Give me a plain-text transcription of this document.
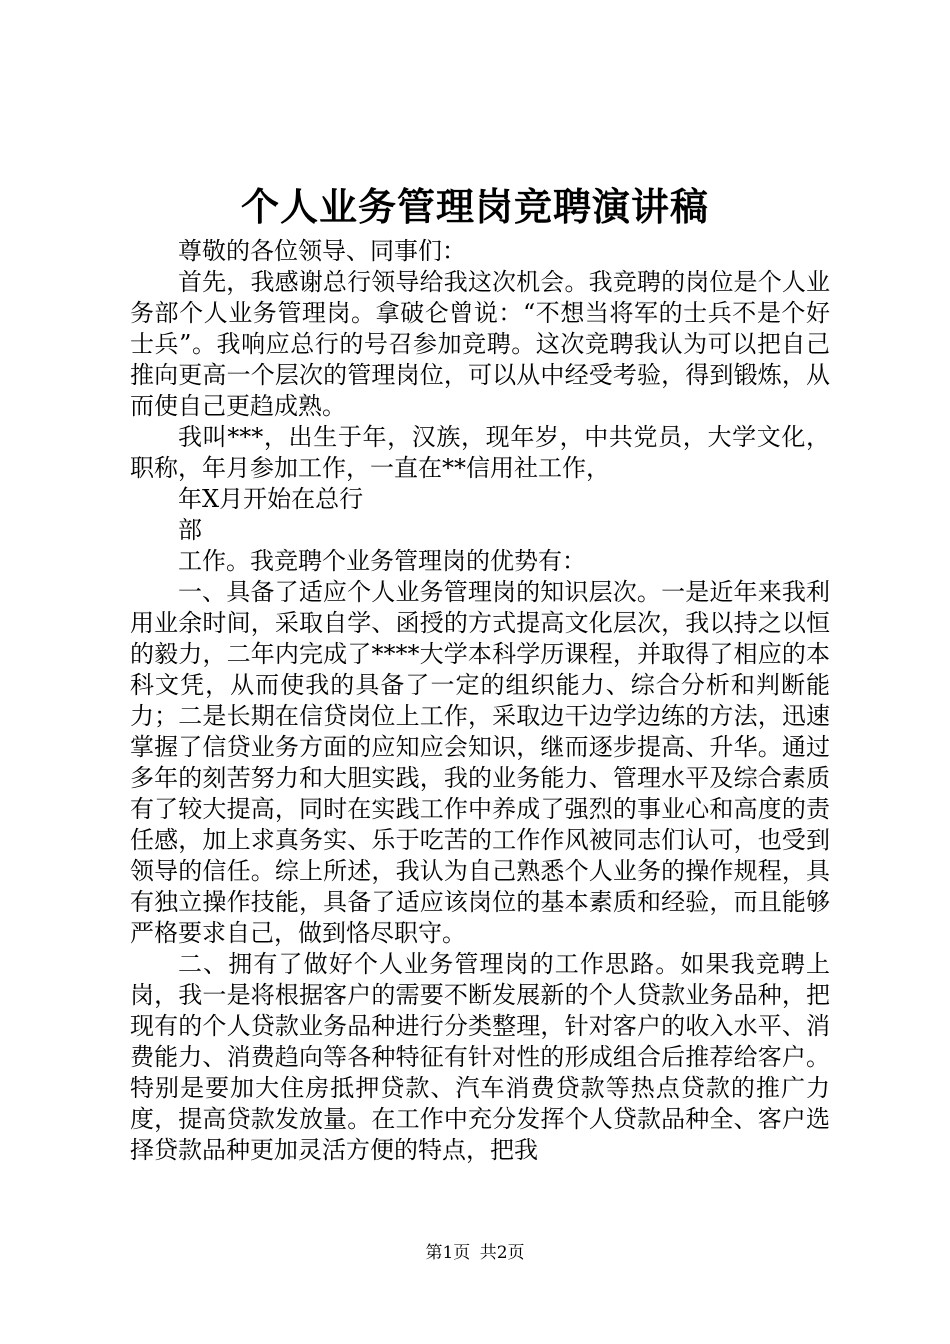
个人业务管理岗竞聘演讲稿

尊敬的各位领导、同事们：

首先，我感谢总行领导给我这次机会。我竞聘的岗位是个人业务部个人业务管理岗。拿破仑曾说：“不想当将军的士兵不是个好士兵”。我响应总行的号召参加竞聘。这次竞聘我认为可以把自己推向更高一个层次的管理岗位，可以从中经受考验，得到锻炼，从而使自己更趋成熟。

我叫***，出生于年，汉族，现年岁，中共党员，大学文化，职称，年月参加工作，一直在**信用社工作，

年X月开始在总行

部

工作。我竞聘个业务管理岗的优势有：

一、具备了适应个人业务管理岗的知识层次。一是近年来我利用业余时间，采取自学、函授的方式提高文化层次，我以持之以恒的毅力，二年内完成了****大学本科学历课程，并取得了相应的本科文凭，从而使我的具备了一定的组织能力、综合分析和判断能力；二是长期在信贷岗位上工作，采取边干边学边练的方法，迅速掌握了信贷业务方面的应知应会知识，继而逐步提高、升华。通过多年的刻苦努力和大胆实践，我的业务能力、管理水平及综合素质有了较大提高，同时在实践工作中养成了强烈的事业心和高度的责任感，加上求真务实、乐于吃苦的工作作风被同志们认可，也受到领导的信任。综上所述，我认为自己熟悉个人业务的操作规程，具有独立操作技能，具备了适应该岗位的基本素质和经验，而且能够严格要求自己，做到恪尽职守。

二、拥有了做好个人业务管理岗的工作思路。如果我竞聘上岗，我一是将根据客户的需要不断发展新的个人贷款业务品种，把现有的个人贷款业务品种进行分类整理，针对客户的收入水平、消费能力、消费趋向等各种特征有针对性的形成组合后推荐给客户。特别是要加大住房抵押贷款、汽车消费贷款等热点贷款的推广力度，提高贷款发放量。在工作中充分发挥个人贷款品种全、客户选择贷款品种更加灵活方便的特点，把我

第1页 共2页
